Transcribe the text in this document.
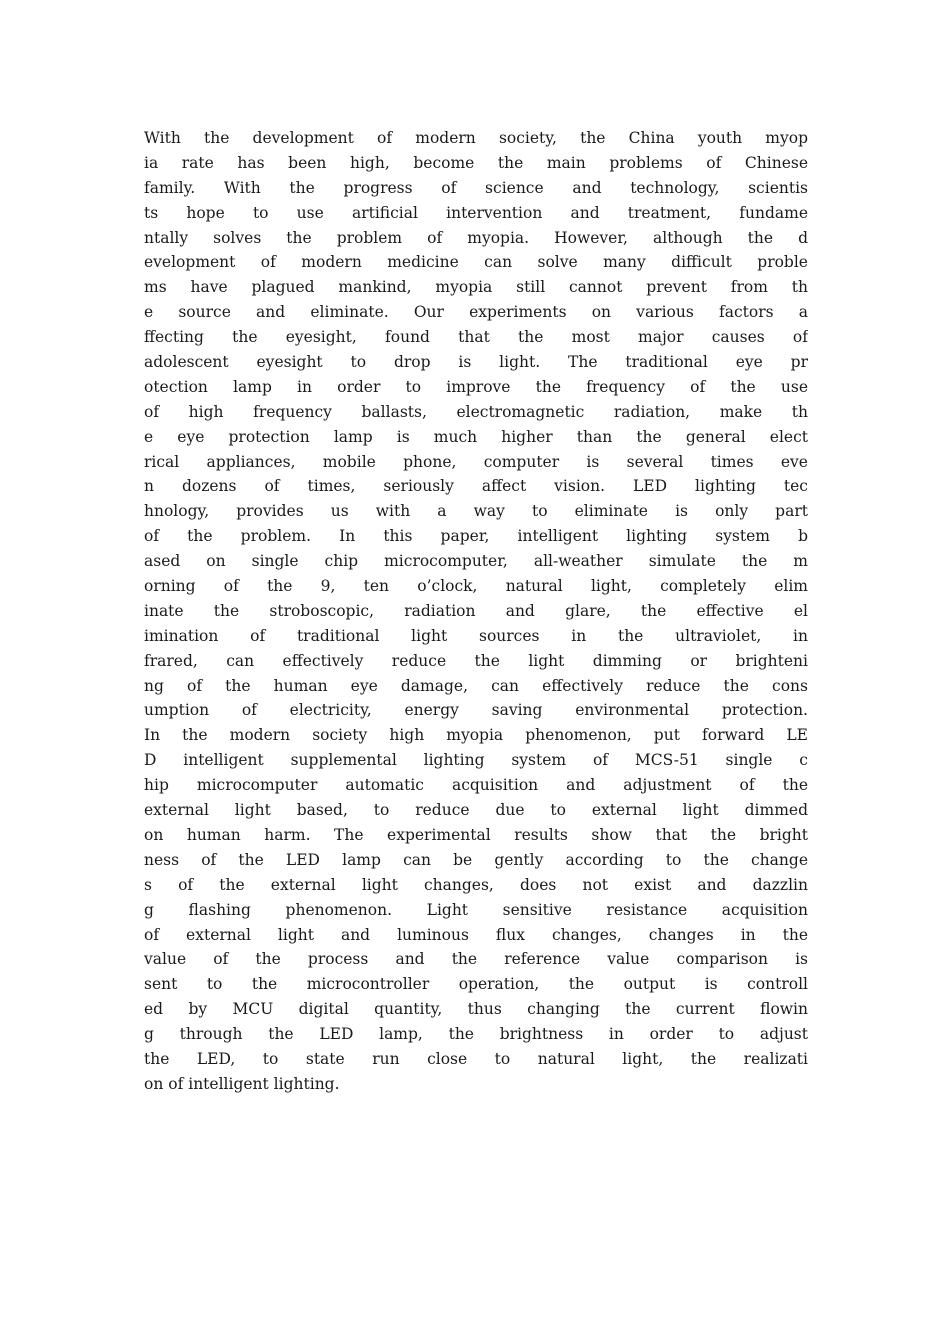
With the development of modern society, the China youth myop
ia rate has been high, become the main problems of Chinese
family. With the progress of science and technology, scientis
ts hope to use artificial intervention and treatment, fundame
ntally solves the problem of myopia. However, although the d
evelopment of modern medicine can solve many difficult proble
ms have plagued mankind, myopia still cannot prevent from th
e source and eliminate. Our experiments on various factors a
ffecting the eyesight, found that the most major causes of
adolescent eyesight to drop is light. The traditional eye pr
otection lamp in order to improve the frequency of the use
of high frequency ballasts, electromagnetic radiation, make th
e eye protection lamp is much higher than the general elect
rical appliances, mobile phone, computer is several times eve
n dozens of times, seriously affect vision. LED lighting tec
hnology, provides us with a way to eliminate is only part
of the problem. In this paper, intelligent lighting system b
ased on single chip microcomputer, all-weather simulate the m
orning of the 9, ten o’clock, natural light, completely elim
inate the stroboscopic, radiation and glare, the effective el
imination of traditional light sources in the ultraviolet, in
frared, can effectively reduce the light dimming or brighteni
ng of the human eye damage, can effectively reduce the cons
umption of electricity, energy saving environmental protection.
In the modern society high myopia phenomenon, put forward LE
D intelligent supplemental lighting system of MCS-51 single c
hip microcomputer automatic acquisition and adjustment of the
external light based, to reduce due to external light dimmed
on human harm. The experimental results show that the bright
ness of the LED lamp can be gently according to the change
s of the external light changes, does not exist and dazzlin
g flashing phenomenon. Light sensitive resistance acquisition
of external light and luminous flux changes, changes in the
value of the process and the reference value comparison is
sent to the microcontroller operation, the output is controll
ed by MCU digital quantity, thus changing the current flowin
g through the LED lamp, the brightness in order to adjust
the LED, to state run close to natural light, the realizati
on of intelligent lighting.
